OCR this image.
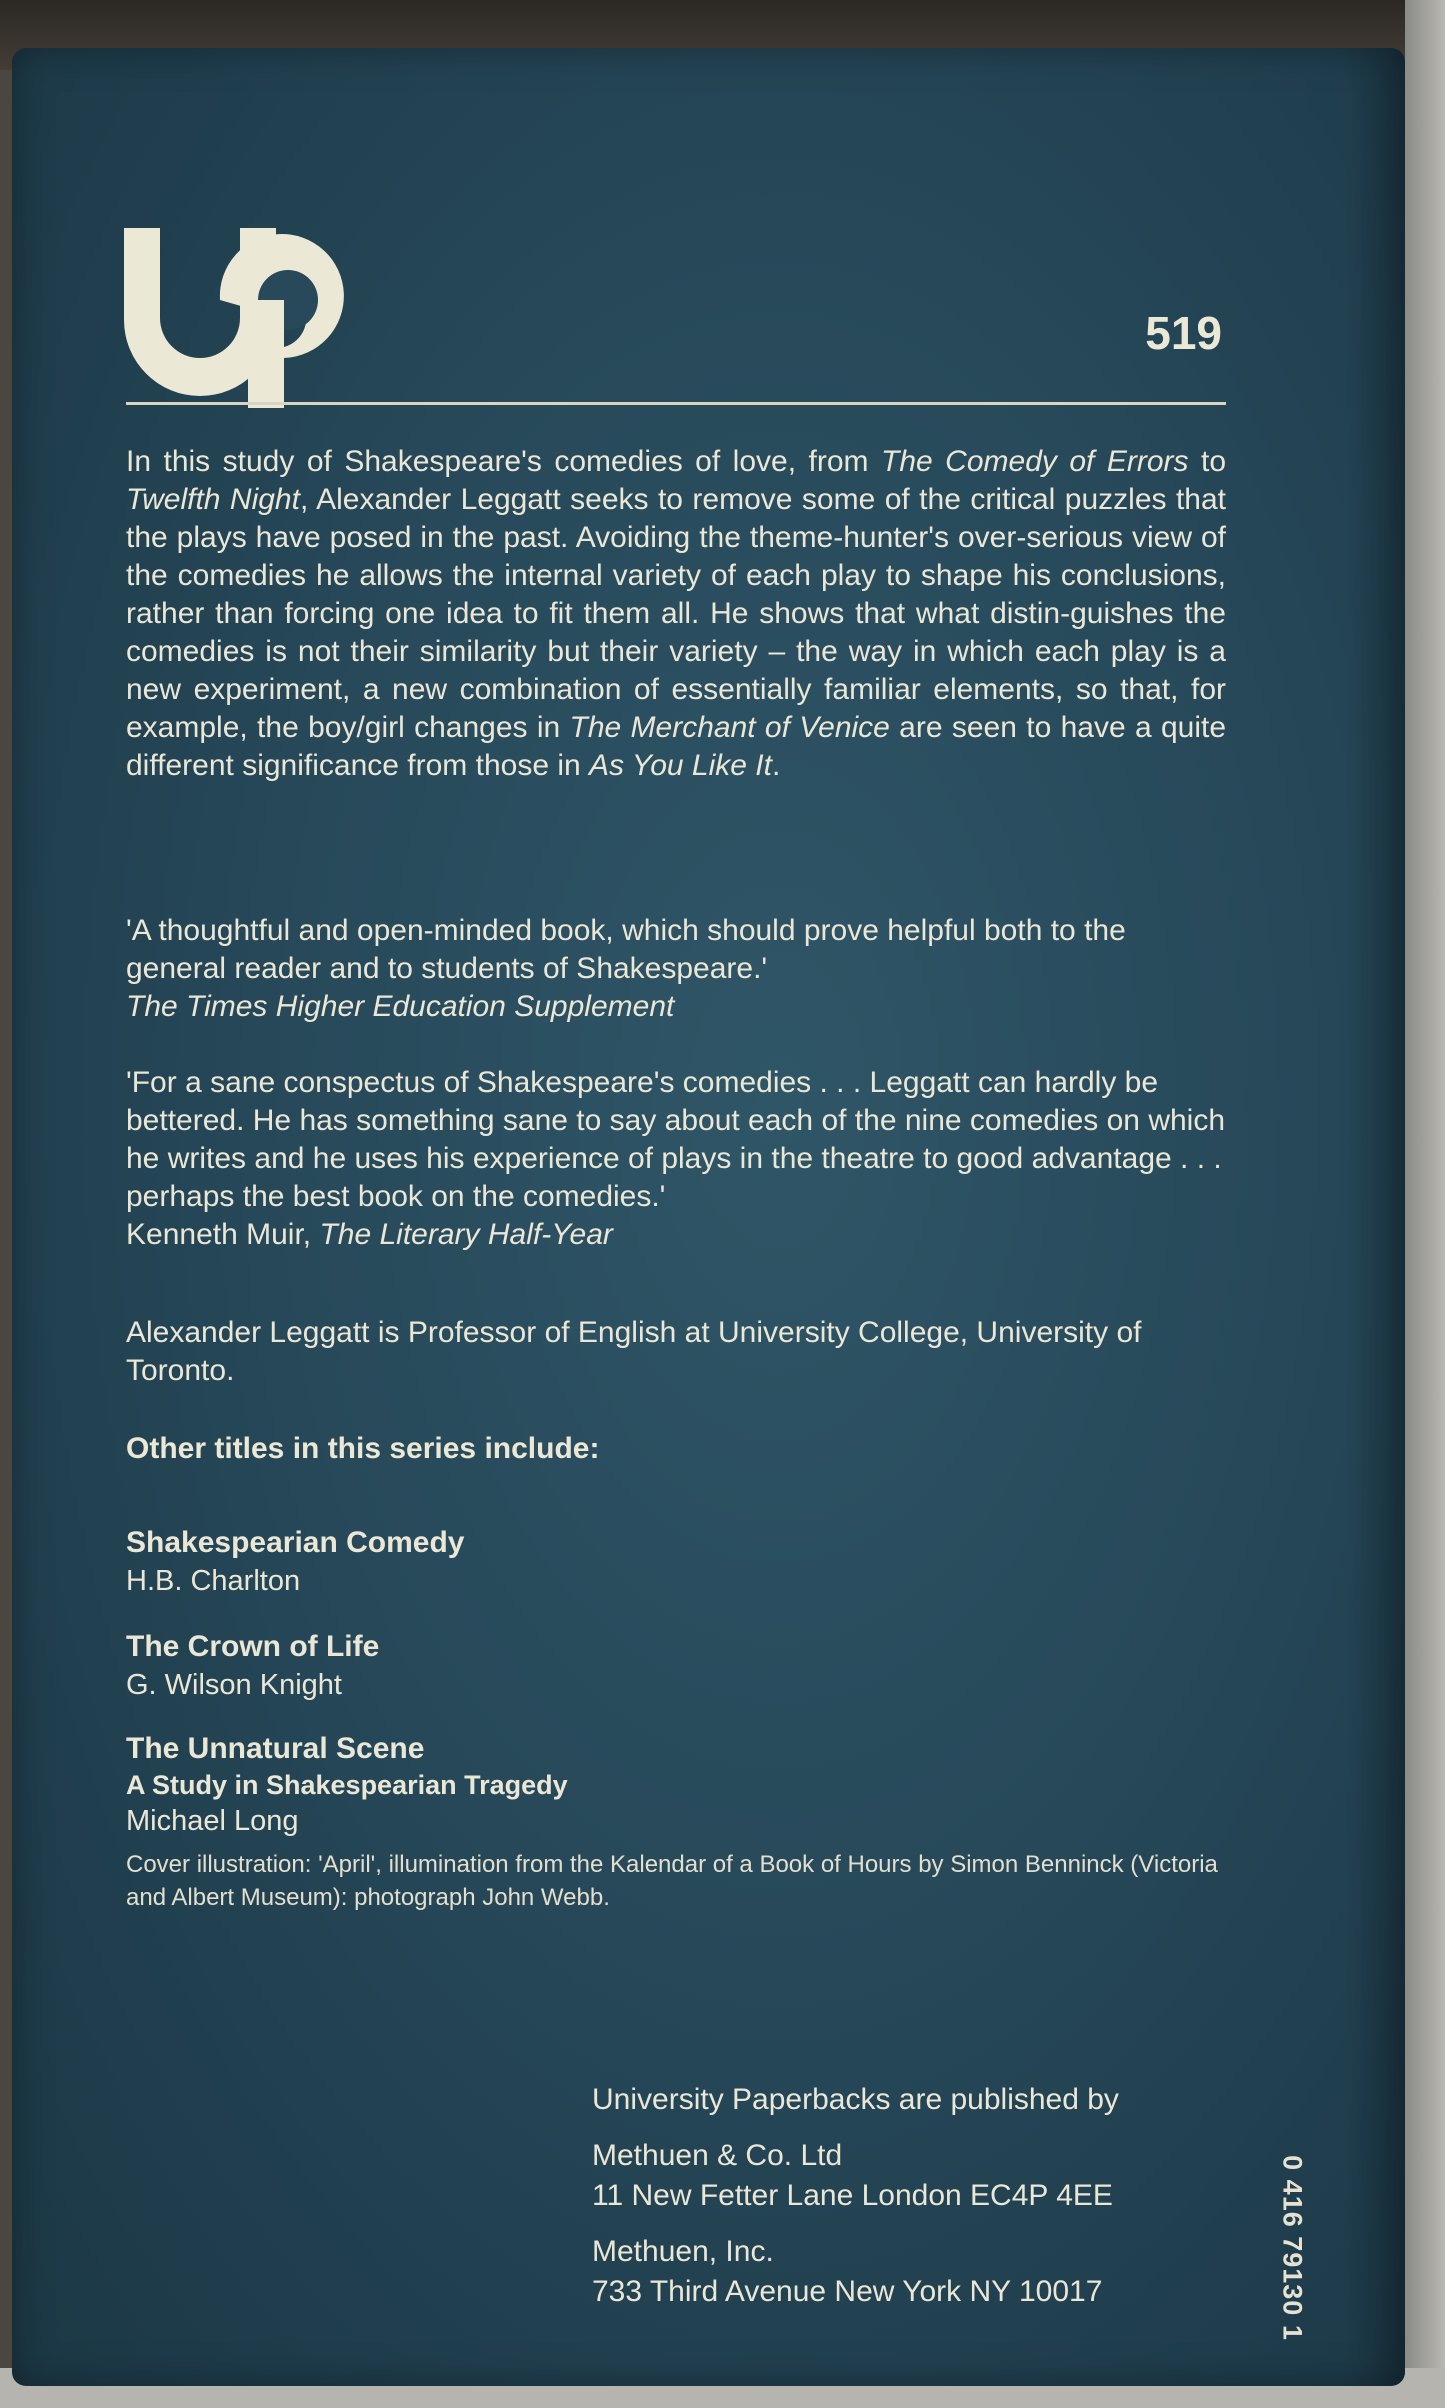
519
In this study of Shakespeare's comedies of love, from The Comedy of Errors to Twelfth Night, Alexander Leggatt seeks to remove some of the critical puzzles that the plays have posed in the past. Avoiding the theme-hunter's over-serious view of the comedies he allows the internal variety of each play to shape his conclusions, rather than forcing one idea to fit them all. He shows that what distin-guishes the comedies is not their similarity but their variety – the way in which each play is a new experiment, a new combination of essentially familiar elements, so that, for example, the boy/girl changes in The Merchant of Venice are seen to have a quite different significance from those in As You Like It.
'A thoughtful and open-minded book, which should prove helpful both to the general reader and to students of Shakespeare.'
The Times Higher Education Supplement
'For a sane conspectus of Shakespeare's comedies . . . Leggatt can hardly be bettered. He has something sane to say about each of the nine comedies on which he writes and he uses his experience of plays in the theatre to good advantage . . . perhaps the best book on the comedies.'
Kenneth Muir, The Literary Half-Year
Alexander Leggatt is Professor of English at University College, University of Toronto.
Other titles in this series include:
Shakespearian Comedy
H.B. Charlton
The Crown of Life
G. Wilson Knight
The Unnatural Scene
A Study in Shakespearian Tragedy
Michael Long
Cover illustration: 'April', illumination from the Kalendar of a Book of Hours by Simon Benninck (Victoria and Albert Museum): photograph John Webb.
University Paperbacks are published by
Methuen & Co. Ltd
11 New Fetter Lane London EC4P 4EE
Methuen, Inc.
733 Third Avenue New York NY 10017	0 416 79130 1
